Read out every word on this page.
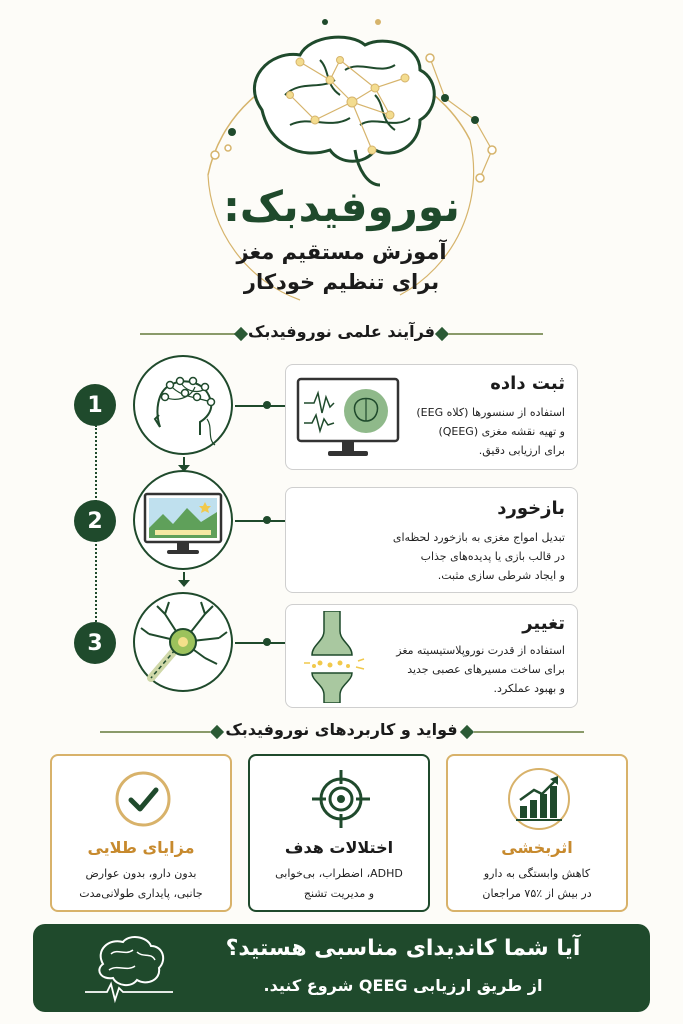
نوروفیدبک:
آموزش مستقیم مغز
برای تنظیم خودکار
فرآیند علمی نوروفیدبک
1
ثبت داده
استفاده از سنسورها (کلاه EEG)
و تهیه نقشه مغزی (QEEG)
برای ارزیابی دقیق.
2	بازخورد
تبدیل امواج مغزی به بازخورد لحظه‌ای
در قالب بازی یا پدیده‌های جذاب
و ایجاد شرطی سازی مثبت.
3
تغییر
استفاده از قدرت نوروپلاستیسیته مغز
برای ساخت مسیرهای عصبی جدید
و بهبود عملکرد.
فواید و کاربردهای نوروفیدبک
مزایای طلایی
بدون دارو، بدون عوارض
جانبی، پایداری طولانی‌مدت
اختلالات هدف
ADHD، اضطراب، بی‌خوابی
و مدیریت تشنج
اثربخشی
کاهش وابستگی به دارو
در بیش از ٪۷۵ مراجعان
آیا شما کاندیدای مناسبی هستید؟
از طریق ارزیابی QEEG شروع کنید.
